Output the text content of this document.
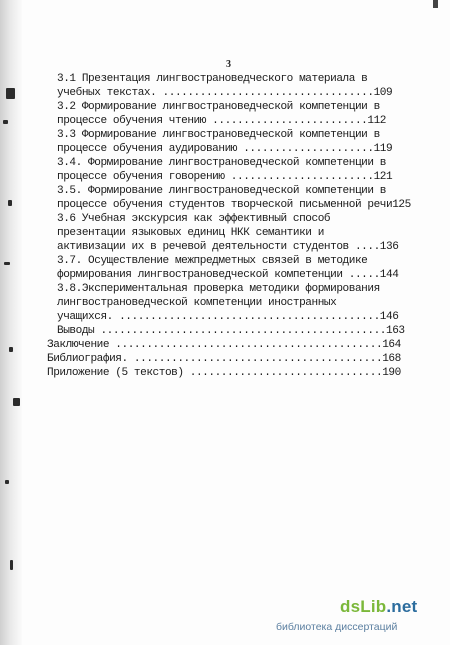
3
3.1 Презентация лингвострановедческого материала в
учебных текстах. ..................................109
3.2 Формирование лингвострановедческой компетенции в
процессе обучения чтению .........................112
3.3 Формирование лингвострановедческой компетенции в
процессе обучения аудированию .....................119
3.4. Формирование лингвострановедческой компетенции в
процессе обучения говорению .......................121
3.5. Формирование лингвострановедческой компетенции в
процессе обучения студентов творческой письменной речи125
3.6 Учебная экскурсия как эффективный способ
презентации языковых единиц НКК семантики и
активизации их в речевой деятельности студентов ....136
3.7. Осуществление межпредметных связей в методике
формирования лингвострановедческой компетенции .....144
3.8.Экспериментальная проверка методики формирования
лингвострановедческой компетенции иностранных
учащихся. ..........................................146
Выводы ..............................................163
Заключение ...........................................164
Библиография. ........................................168
Приложение (5 текстов) ...............................190
dsLib.net
библиотека диссертаций
